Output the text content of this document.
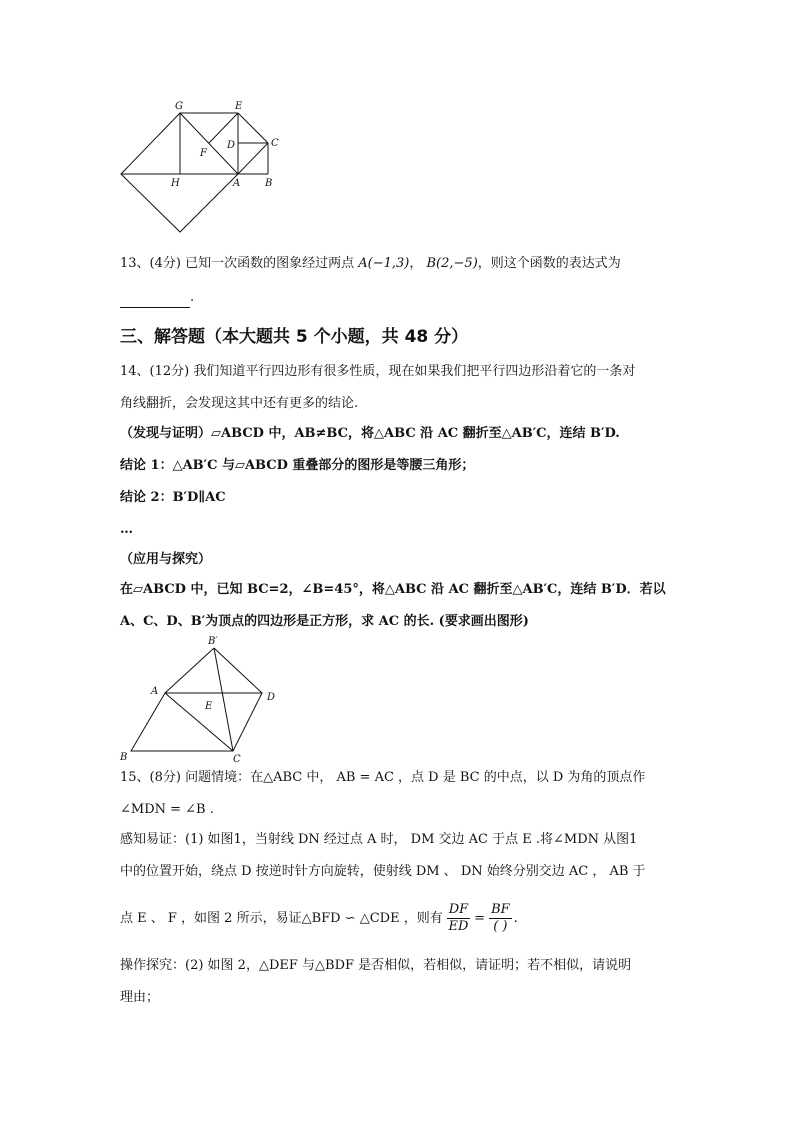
G	E
D	C
F
H	A B
13、(4分) 已知一次函数的图象经过两点 A(−1,3)， B(2,−5)，则这个函数的表达式为
.
三、解答题（本大题共 5 个小题，共 48 分）
14、(12分) 我们知道平行四边形有很多性质，现在如果我们把平行四边形沿着它的一条对
角线翻折，会发现这其中还有更多的结论.
（发现与证明）▱ABCD 中，AB≠BC，将△ABC 沿 AC 翻折至△AB′C，连结 B′D.
结论 1：△AB′C 与▱ABCD 重叠部分的图形是等腰三角形；
结论 2：B′D∥AC
…
（应用与探究）
在▱ABCD 中，已知 BC=2，∠B=45°，将△ABC 沿 AC 翻折至△AB′C，连结 B′D．若以
A、C、D、B′为顶点的四边形是正方形，求 AC 的长. (要求画出图形)
B′
A
D
E
B	C
15、(8分) 问题情境：在△ABC 中， AB = AC ，点 D 是 BC 的中点，以 D 为角的顶点作
∠MDN = ∠B .
感知易证：(1) 如图1，当射线 DN 经过点 A 时， DM 交边 AC 于点 E .将∠MDN 从图1
中的位置开始，绕点 D 按逆时针方向旋转，使射线 DM 、 DN 始终分别交边 AC ， AB 于
点 E 、 F ，如图 2 所示，易证△BFD ∽ △CDE ，则有 $\frac{DF}{ED} = \frac{BF}{( )}$ .
操作探究：(2) 如图 2，△DEF 与△BDF 是否相似，若相似，请证明；若不相似，请说明
理由；
